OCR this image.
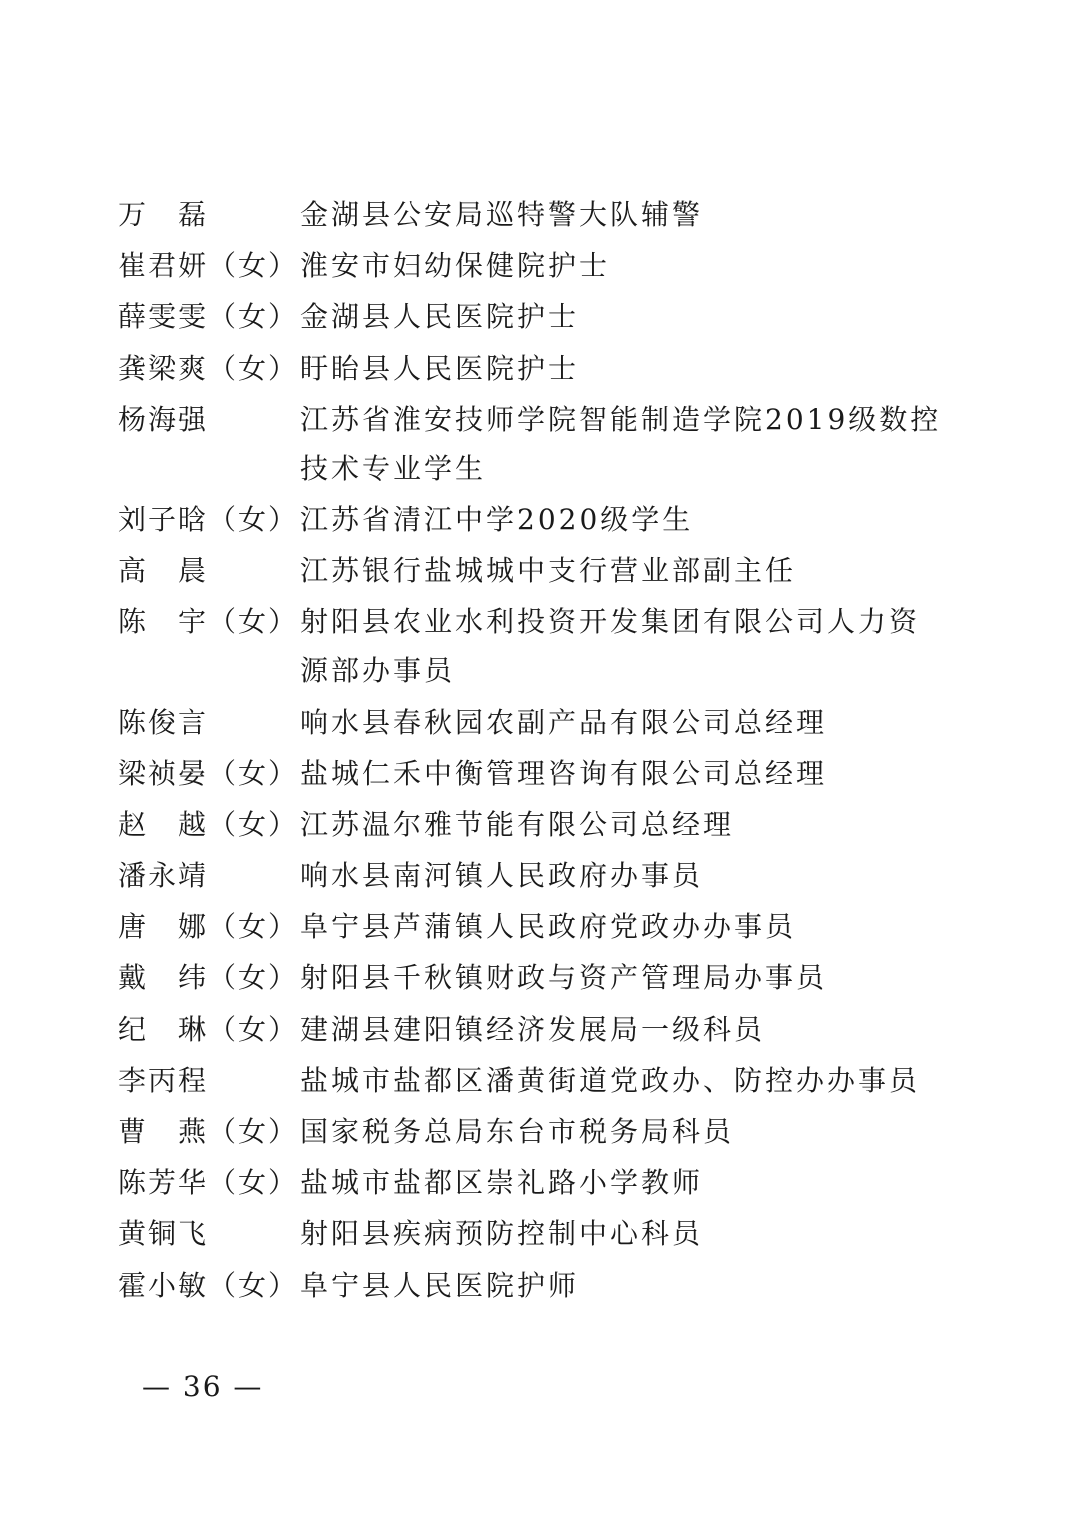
万　磊	金湖县公安局巡特警大队辅警
崔君妍（女） 淮安市妇幼保健院护士
薛雯雯（女） 金湖县人民医院护士
龚梁爽（女） 盱眙县人民医院护士
杨海强	江苏省淮安技师学院智能制造学院2019级数控技术专业学生
刘子晗（女） 江苏省清江中学2020级学生
高　晨	江苏银行盐城城中支行营业部副主任
陈　宇（女） 射阳县农业水利投资开发集团有限公司人力资源部办事员
陈俊言	响水县春秋园农副产品有限公司总经理
梁祯晏（女） 盐城仁禾中衡管理咨询有限公司总经理
赵　越（女） 江苏温尔雅节能有限公司总经理
潘永靖	响水县南河镇人民政府办事员
唐　娜（女） 阜宁县芦蒲镇人民政府党政办办事员
戴　纬（女） 射阳县千秋镇财政与资产管理局办事员
纪　琳（女） 建湖县建阳镇经济发展局一级科员
李丙程	盐城市盐都区潘黄街道党政办、防控办办事员
曹　燕（女） 国家税务总局东台市税务局科员
陈芳华（女） 盐城市盐都区崇礼路小学教师
黄铜飞	射阳县疾病预防控制中心科员
霍小敏（女） 阜宁县人民医院护师
— 36 —
